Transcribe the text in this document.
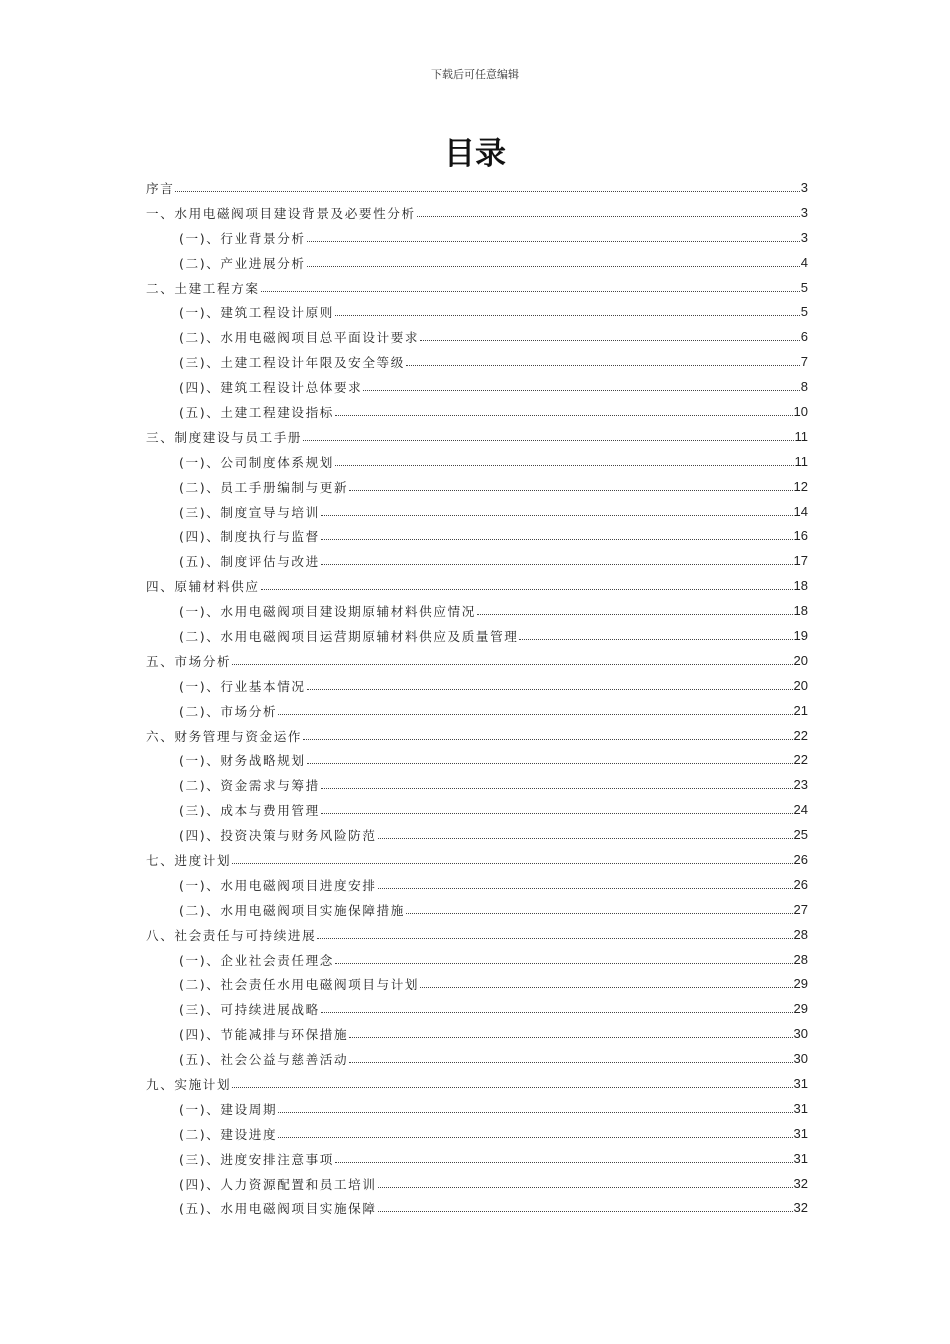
下载后可任意编辑
目录
序言	3
一、水用电磁阀项目建设背景及必要性分析	3
(一)、行业背景分析	3
(二)、产业进展分析	4
二、土建工程方案	5
(一)、建筑工程设计原则	5
(二)、水用电磁阀项目总平面设计要求	6
(三)、土建工程设计年限及安全等级	7
(四)、建筑工程设计总体要求	8
(五)、土建工程建设指标	10
三、制度建设与员工手册	11
(一)、公司制度体系规划	11
(二)、员工手册编制与更新	12
(三)、制度宣导与培训	14
(四)、制度执行与监督	16
(五)、制度评估与改进	17
四、原辅材料供应	18
(一)、水用电磁阀项目建设期原辅材料供应情况	18
(二)、水用电磁阀项目运营期原辅材料供应及质量管理	19
五、市场分析	20
(一)、行业基本情况	20
(二)、市场分析	21
六、财务管理与资金运作	22
(一)、财务战略规划	22
(二)、资金需求与筹措	23
(三)、成本与费用管理	24
(四)、投资决策与财务风险防范	25
七、进度计划	26
(一)、水用电磁阀项目进度安排	26
(二)、水用电磁阀项目实施保障措施	27
八、社会责任与可持续进展	28
(一)、企业社会责任理念	28
(二)、社会责任水用电磁阀项目与计划	29
(三)、可持续进展战略	29
(四)、节能减排与环保措施	30
(五)、社会公益与慈善活动	30
九、实施计划	31
(一)、建设周期	31
(二)、建设进度	31
(三)、进度安排注意事项	31
(四)、人力资源配置和员工培训	32
(五)、水用电磁阀项目实施保障	32
